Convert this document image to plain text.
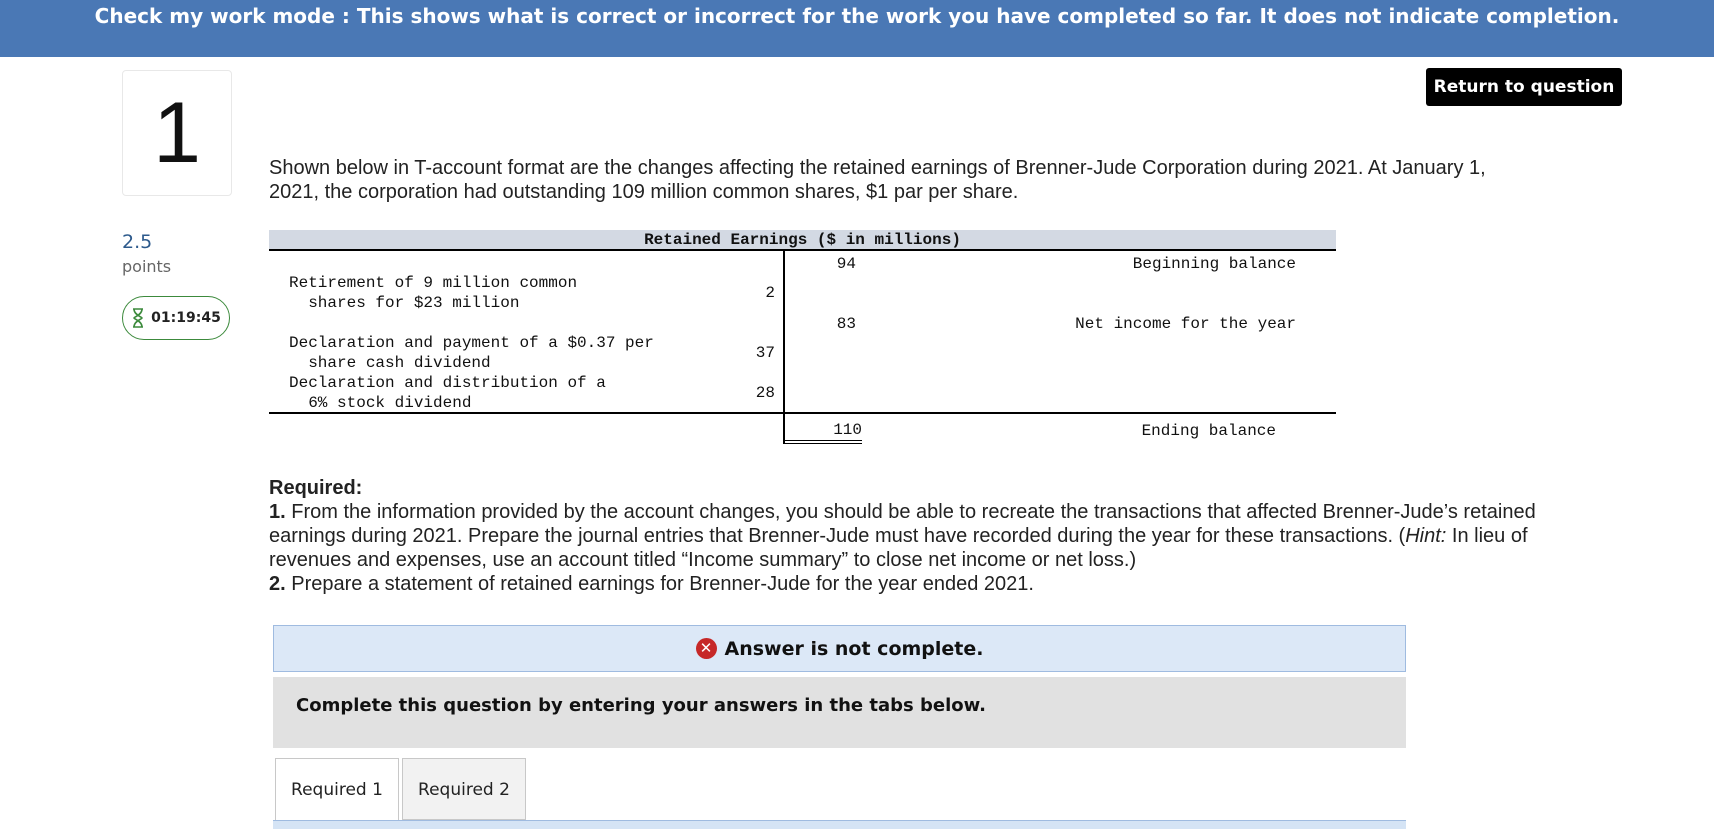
Check my work mode : This shows what is correct or incorrect for the work you have completed so far. It does not indicate completion.
Return to question
1
2.5
points
01:19:45
Shown below in T-account format are the changes affecting the retained earnings of Brenner-Jude Corporation during 2021. At January 1, 2021, the corporation had outstanding 109 million common shares, $1 par per share.
Retained Earnings ($ in millions)
Retirement of 9 million common
shares for $23 million
2
Declaration and payment of a $0.37 per
share cash dividend
37
Declaration and distribution of a
6% stock dividend
28
94	Beginning balance
83	Net income for the year
110	Ending balance
Required:
1. From the information provided by the account changes, you should be able to recreate the transactions that affected Brenner-Jude’s retained earnings during 2021. Prepare the journal entries that Brenner-Jude must have recorded during the year for these transactions. (Hint: In lieu of revenues and expenses, use an account titled “Income summary” to close net income or net loss.)
2. Prepare a statement of retained earnings for Brenner-Jude for the year ended 2021.
✕ Answer is not complete.
Complete this question by entering your answers in the tabs below.
Required 1	Required 2
